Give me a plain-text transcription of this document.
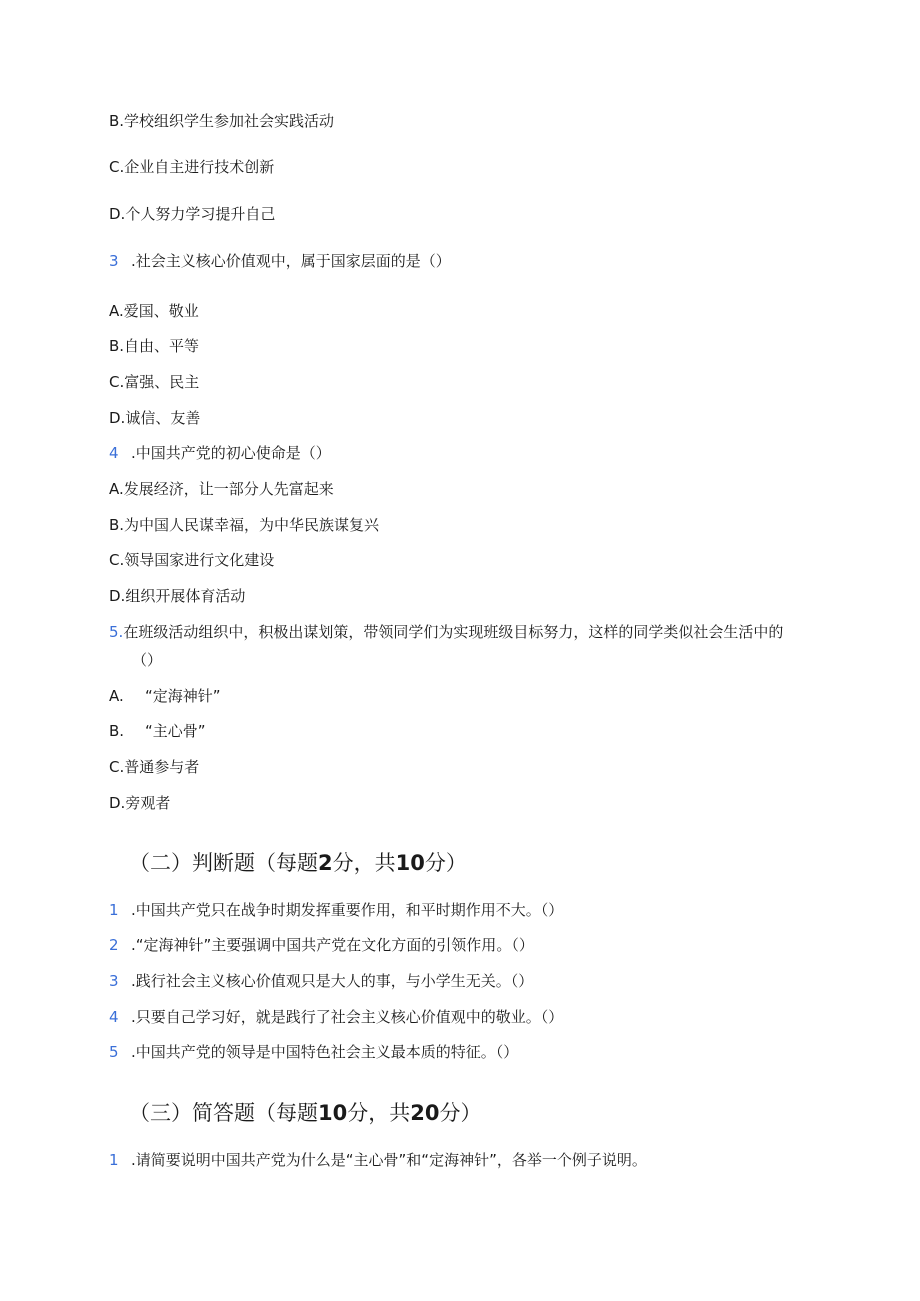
B.学校组织学生参加社会实践活动
C.企业自主进行技术创新
D.个人努力学习提升自己
3 .社会主义核心价值观中，属于国家层面的是（）
A.爱国、敬业
B.自由、平等
C.富强、民主
D.诚信、友善
4 .中国共产党的初心使命是（）
A.发展经济，让一部分人先富起来
B.为中国人民谋幸福，为中华民族谋复兴
C.领导国家进行文化建设
D.组织开展体育活动
5.在班级活动组织中，积极出谋划策，带领同学们为实现班级目标努力，这样的同学类似社会生活中的
（）
A. “定海神针”
B. “主心骨”
C.普通参与者
D.旁观者
（二）判断题（每题2分，共10分）
1 .中国共产党只在战争时期发挥重要作用，和平时期作用不大。（）
2 .“定海神针”主要强调中国共产党在文化方面的引领作用。（）
3 .践行社会主义核心价值观只是大人的事，与小学生无关。（）
4 .只要自己学习好，就是践行了社会主义核心价值观中的敬业。（）
5 .中国共产党的领导是中国特色社会主义最本质的特征。（）
（三）简答题（每题10分，共20分）
1 .请简要说明中国共产党为什么是“主心骨”和“定海神针”，各举一个例子说明。
